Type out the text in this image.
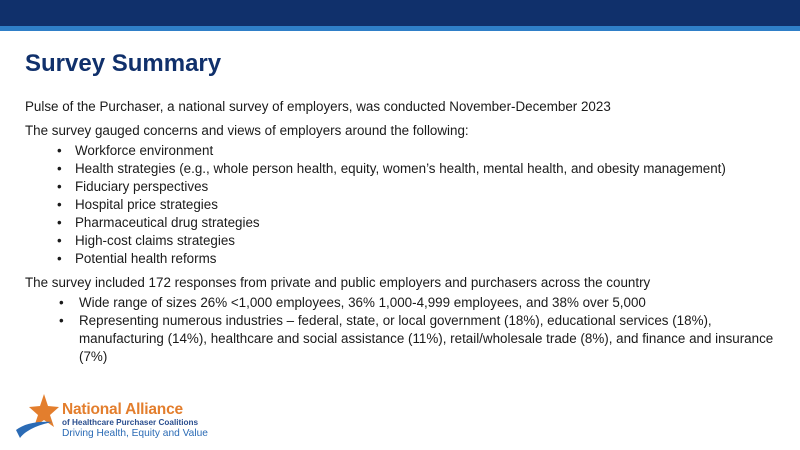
Survey Summary

Pulse of the Purchaser, a national survey of employers, was conducted November-December 2023

The survey gauged concerns and views of employers around the following:

• Workforce environment
• Health strategies (e.g., whole person health, equity, women’s health, mental health, and obesity management)
• Fiduciary perspectives
• Hospital price strategies
• Pharmaceutical drug strategies
• High-cost claims strategies
• Potential health reforms

The survey included 172 responses from private and public employers and purchasers across the country

• Wide range of sizes 26% <1,000 employees, 36% 1,000-4,999 employees, and 38% over 5,000
• Representing numerous industries – federal, state, or local government (18%), educational services (18%), manufacturing (14%), healthcare and social assistance (11%), retail/wholesale trade (8%), and finance and insurance (7%)
National Alliance
of Healthcare Purchaser Coalitions
Driving Health, Equity and Value
